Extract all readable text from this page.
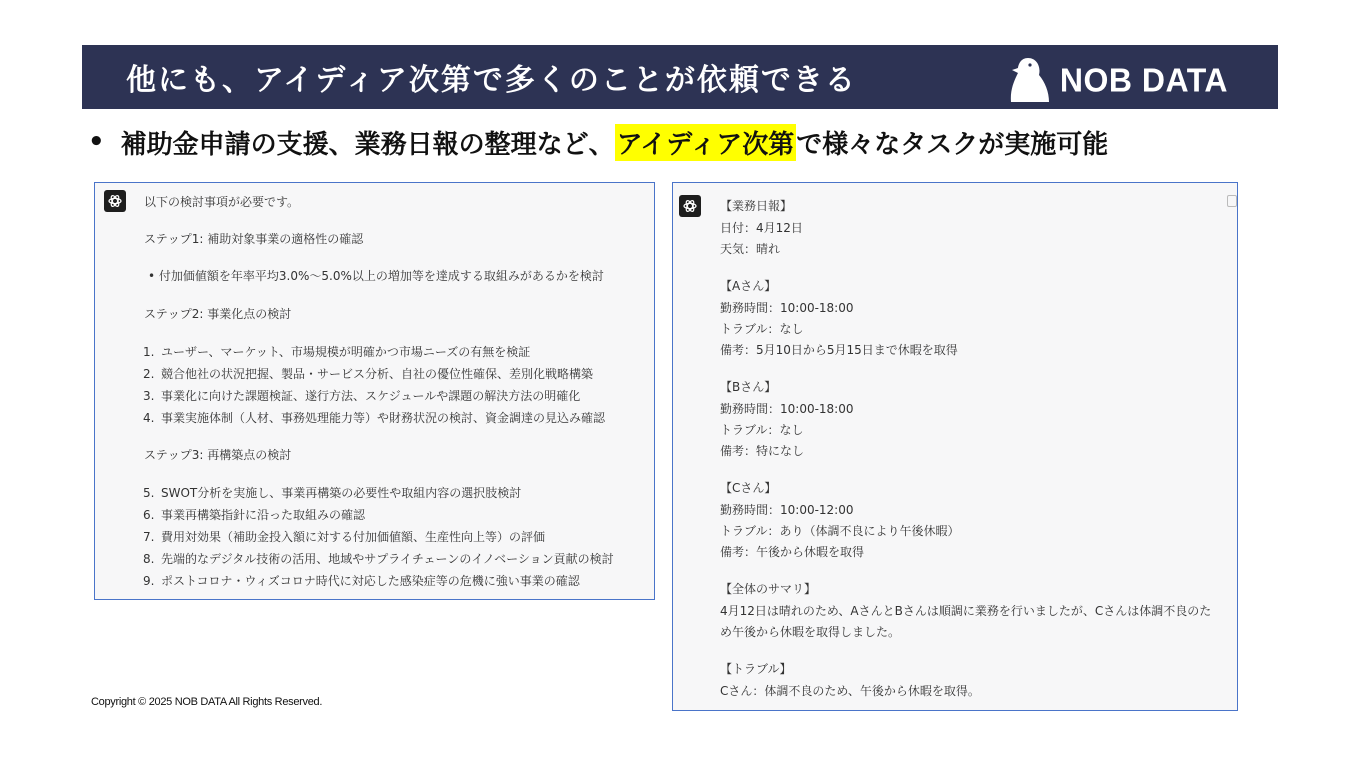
他にも、アイディア次第で多くのことが依頼できる	NOB DATA
• 補助金申請の支援、業務日報の整理など、 アイディア次第 で様々なタスクが実施可能
以下の検討事項が必要です。
ステップ1: 補助対象事業の適格性の確認
• 付加価値額を年率平均3.0%〜5.0%以上の増加等を達成する取組みがあるかを検討
ステップ2: 事業化点の検討
1. ユーザー、マーケット、市場規模が明確かつ市場ニーズの有無を検証
2. 競合他社の状況把握、製品・サービス分析、自社の優位性確保、差別化戦略構築
3. 事業化に向けた課題検証、遂行方法、スケジュールや課題の解決方法の明確化
4. 事業実施体制（人材、事務処理能力等）や財務状況の検討、資金調達の見込み確認
ステップ3: 再構築点の検討
5. SWOT分析を実施し、事業再構築の必要性や取組内容の選択肢検討
6. 事業再構築指針に沿った取組みの確認
7. 費用対効果（補助金投入額に対する付加価値額、生産性向上等）の評価
8. 先端的なデジタル技術の活用、地域やサプライチェーンのイノベーション貢献の検討
9. ポストコロナ・ウィズコロナ時代に対応した感染症等の危機に強い事業の確認
【業務日報】
日付：4月12日
天気：晴れ
【Aさん】
勤務時間：10:00-18:00
トラブル：なし
備考：5月10日から5月15日まで休暇を取得
【Bさん】
勤務時間：10:00-18:00
トラブル：なし
備考：特になし
【Cさん】
勤務時間：10:00-12:00
トラブル：あり（体調不良により午後休暇）
備考：午後から休暇を取得
【全体のサマリ】
4月12日は晴れのため、AさんとBさんは順調に業務を行いましたが、Cさんは体調不良のた
め午後から休暇を取得しました。
【トラブル】
Cさん：体調不良のため、午後から休暇を取得。
Copyright © 2025 NOB DATA All Rights Reserved.
